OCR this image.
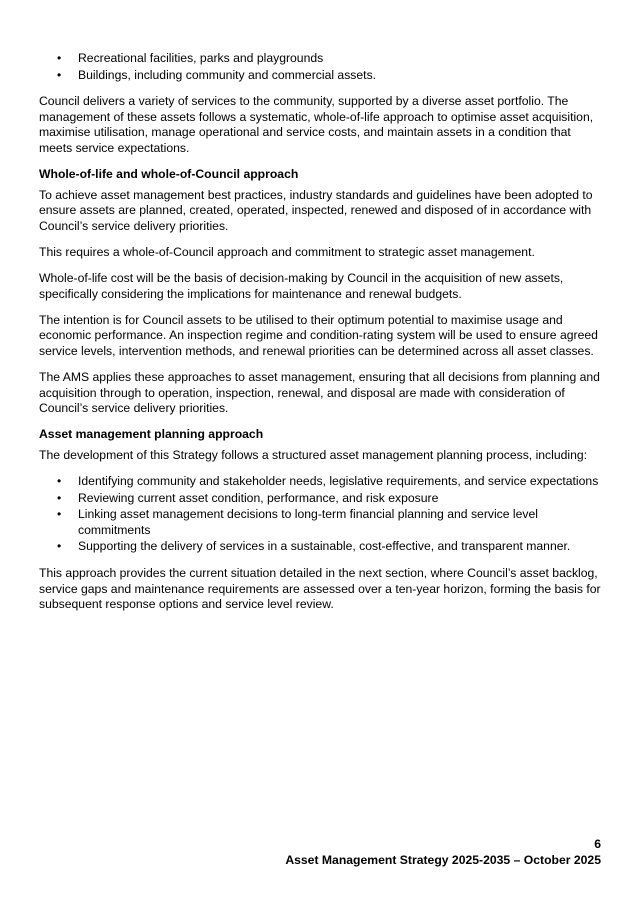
• Recreational facilities, parks and playgrounds
• Buildings, including community and commercial assets.

Council delivers a variety of services to the community, supported by a diverse asset portfolio. The management of these assets follows a systematic, whole-of-life approach to optimise asset acquisition, maximise utilisation, manage operational and service costs, and maintain assets in a condition that meets service expectations.

Whole-of-life and whole-of-Council approach

To achieve asset management best practices, industry standards and guidelines have been adopted to ensure assets are planned, created, operated, inspected, renewed and disposed of in accordance with Council’s service delivery priorities.

This requires a whole-of-Council approach and commitment to strategic asset management.

Whole-of-life cost will be the basis of decision-making by Council in the acquisition of new assets, specifically considering the implications for maintenance and renewal budgets.

The intention is for Council assets to be utilised to their optimum potential to maximise usage and economic performance. An inspection regime and condition-rating system will be used to ensure agreed service levels, intervention methods, and renewal priorities can be determined across all asset classes.

The AMS applies these approaches to asset management, ensuring that all decisions from planning and acquisition through to operation, inspection, renewal, and disposal are made with consideration of Council’s service delivery priorities.

Asset management planning approach

The development of this Strategy follows a structured asset management planning process, including:

• Identifying community and stakeholder needs, legislative requirements, and service expectations
• Reviewing current asset condition, performance, and risk exposure
• Linking asset management decisions to long-term financial planning and service level commitments
• Supporting the delivery of services in a sustainable, cost-effective, and transparent manner.

This approach provides the current situation detailed in the next section, where Council’s asset backlog, service gaps and maintenance requirements are assessed over a ten-year horizon, forming the basis for subsequent response options and service level review.

6
Asset Management Strategy 2025-2035 – October 2025
